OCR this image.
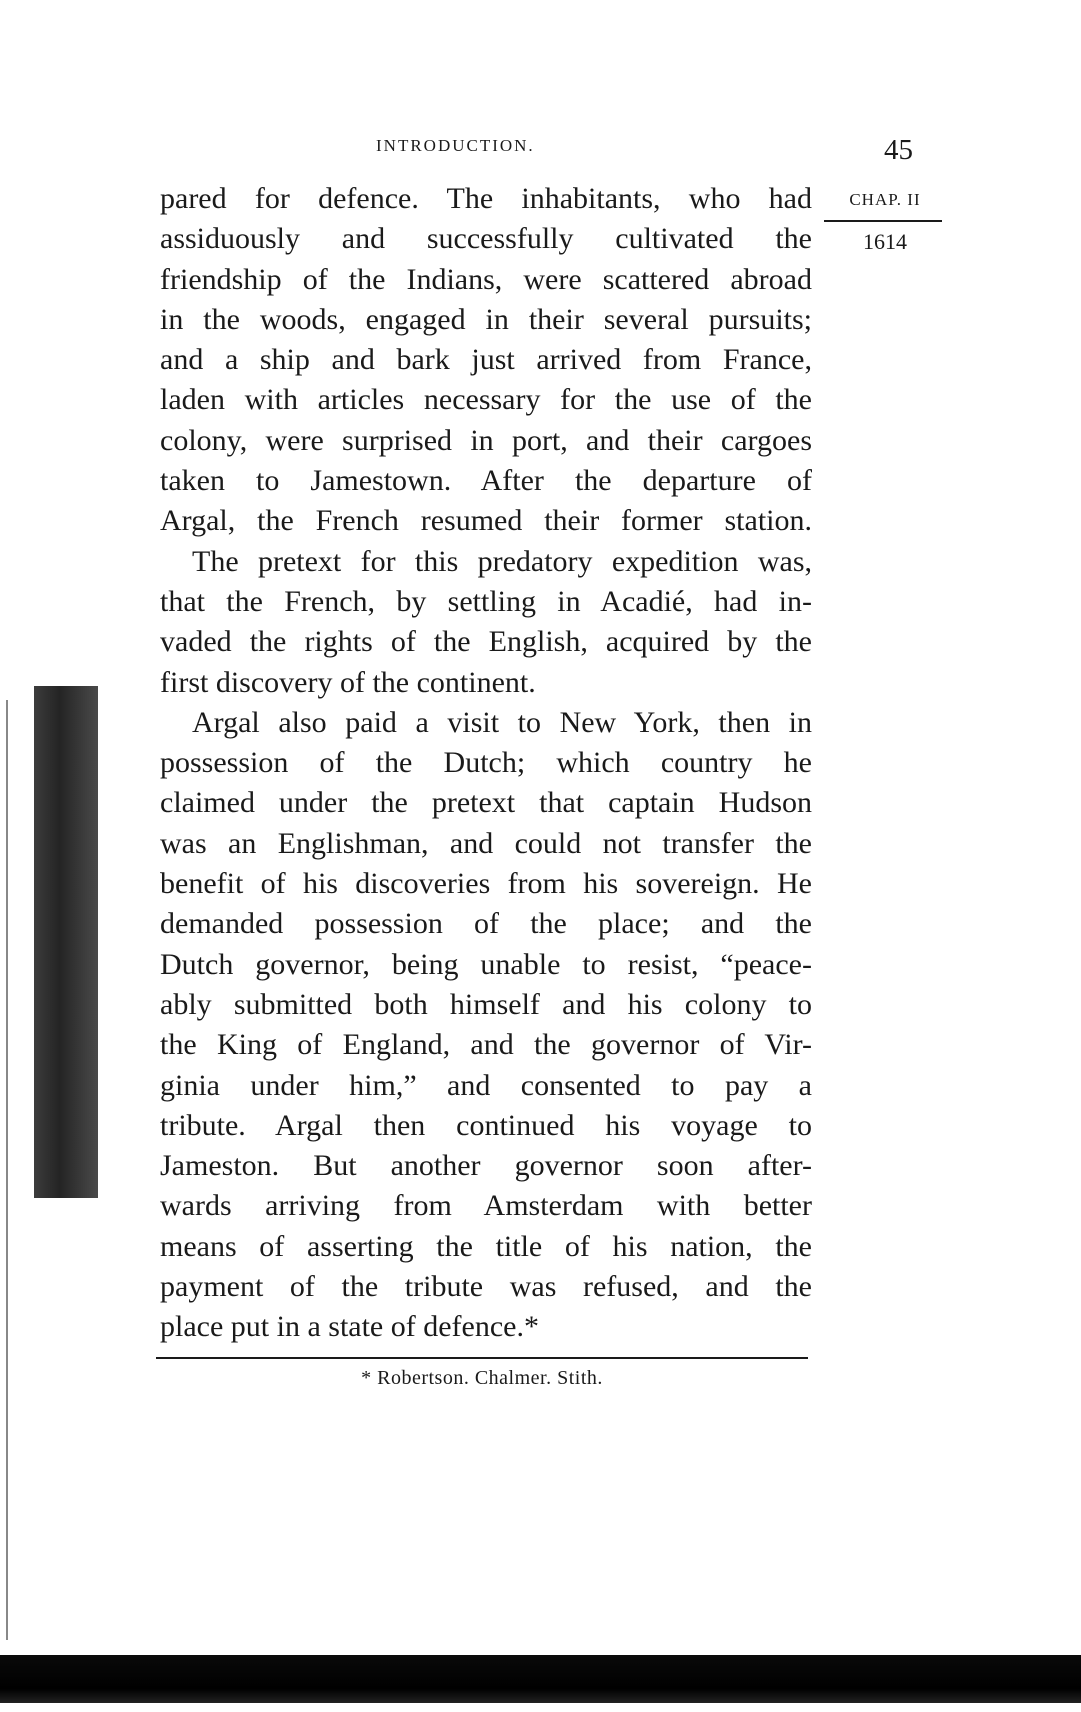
INTRODUCTION.	45
CHAP. II
1614

pared for defence. The inhabitants, who had

assiduously and successfully cultivated the

friendship of the Indians, were scattered abroad

in the woods, engaged in their several pursuits;

and a ship and bark just arrived from France,

laden with articles necessary for the use of the

colony, were surprised in port, and their cargoes

taken to Jamestown. After the departure of

Argal, the French resumed their former station.

The pretext for this predatory expedition was,

that the French, by settling in Acadié, had in-

vaded the rights of the English, acquired by the

first discovery of the continent.

Argal also paid a visit to New York, then in

possession of the Dutch; which country he

claimed under the pretext that captain Hudson

was an Englishman, and could not transfer the

benefit of his discoveries from his sovereign. He

demanded possession of the place; and the

Dutch governor, being unable to resist, “peace-

ably submitted both himself and his colony to

the King of England, and the governor of Vir-

ginia under him,” and consented to pay a

tribute. Argal then continued his voyage to

Jameston. But another governor soon after-

wards arriving from Amsterdam with better

means of asserting the title of his nation, the

payment of the tribute was refused, and the

place put in a state of defence.*

* Robertson. Chalmer. Stith.
